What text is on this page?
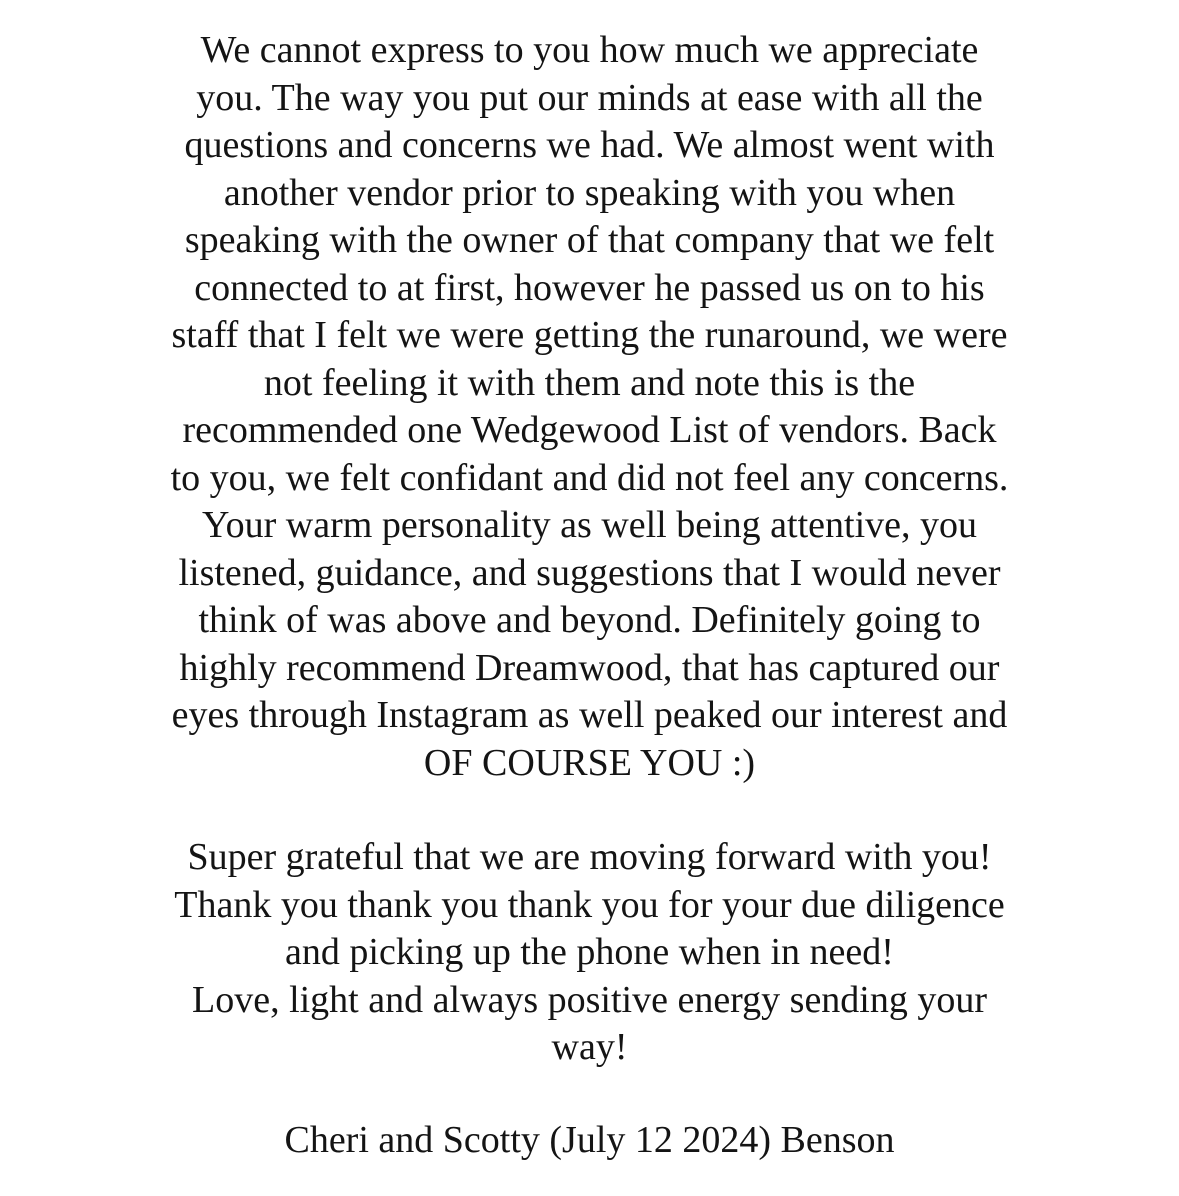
We cannot express to you how much we appreciate
you. The way you put our minds at ease with all the
questions and concerns we had. We almost went with
another vendor prior to speaking with you when
speaking with the owner of that company that we felt
connected to at first, however he passed us on to his
staff that I felt we were getting the runaround, we were
not feeling it with them and note this is the
recommended one Wedgewood List of vendors. Back
to you, we felt confidant and did not feel any concerns.
Your warm personality as well being attentive, you
listened, guidance, and suggestions that I would never
think of was above and beyond. Definitely going to
highly recommend Dreamwood, that has captured our
eyes through Instagram as well peaked our interest and
OF COURSE YOU :)
Super grateful that we are moving forward with you!
Thank you thank you thank you for your due diligence
and picking up the phone when in need!
Love, light and always positive energy sending your
way!
Cheri and Scotty (July 12 2024) Benson
